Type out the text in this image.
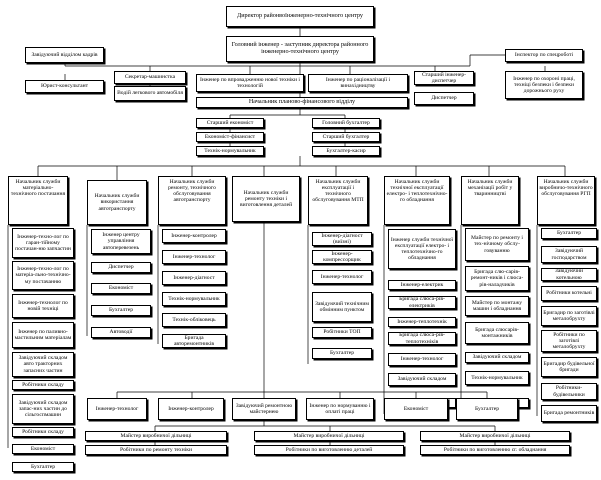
Директор районвоїнженерно-технічного центру
Головний інженер - заступник директора районного інженерно-технічного центру
Завідуючий відділом кадрів
Юрист-консультант
Секретар-машинстка
Водій легкового автомобіля
Інженер по впровадженню нової техніки і технологій
Інженер по раціоналізації і винахідництву
Старший інженер-диспетчер
Диспетчер
Інспектор по спецроботі
Інженер по охороні праці, техніці безпеки і безпеки дорожнього руху
Начальник планово-фінансового відділу
Старший економіст
Економіст-фінансист
Технік-нормувальник
Головний бухгалтер
Старший бухгалтер
Бухгалтер-касир
Начальник служби матеріально-технічного постачання	Начальник служби використання автотранспорту
Начальник служби ремонту, технічного обслуговування автотранспорту
Начальник служби ремонту техніки і виготовлення деталей
Начальник служби експлуатації і технічного обслуговування МТП
Начальник служби технічної експлуатації електро- і теплотехнічно-го обладнання
Начальник служби механізації робіт у тваринництві
Начальник служби виробничо-технічного обслуговування РГП
Інженер-техно-лог по гаран-тійному постачан-ню запчастин
Інженер-техно-лог по матеріа-льно-технічно-му постачанню
Інженер-технолог по новій техніці
Інженер по паливно-мастильним матеріалам
Завідуючий складом авто тракторних запасних частин
Робітники складу
Завідуючий складом запас-них частин до сільгоспмашин
Робітники складу
Економіст
Бухгалтер
Інженер центру управління автоперевезень
Диспетчер
Економіст
Бухгалтер
Автоводії
Інженер-контролер
Інженер-технолог
Інженер-діагност
Технік-нормувальник
Технік-обліковець
Бригада авторемонтників
Інженер-діагност (виїзні)
Інженер-компрессорщик
Інженер-технолог
Завідуючий технічним обмінним пунктом
Робітники ТОП
Бухгалтер
Інженер служби технічної експлуатації електро- і теплотехнічно-го обладнання
Інженер-електрик
Бригада слюса-рів-електриків
Інженер-теплотехнік
Бригада слюса-рів-теплотехніків
Інженер-технолог
Завідуючий складом
Майстер по ремонту і тех-нічному обслу-говуванню
Бригада слю-сарів-ремонт-ників і слюса-рів-наладчиків
Майстер по монтажу машин і обладнання
Бригада слюсарів-монтажників
Завідуючий складом
Технік-нормувальник
Бухгалтер
Завідуючий господарством
Завідуючий котельною
Робітники котельні
Бригадир по заготівлі металобрухту
Робітники по заготівлі металобрухту
Бригадир будівельної бригади
Робітники-будівельники
Бригада ремонтників
Інженер-технолог	Інженер-контролер
Завідуючий ремонтною майстернею
Інженер по нормуванню і оплаті праці
Економіст	Бухгалтер
Майстер виробничої дільниці
Робітники по ремонту техніки
Майстер виробничої дільниці
Робітники по виготовленню деталей
Майстер виробничої дільниці
Робітники по виготовленню сг. обладнання
